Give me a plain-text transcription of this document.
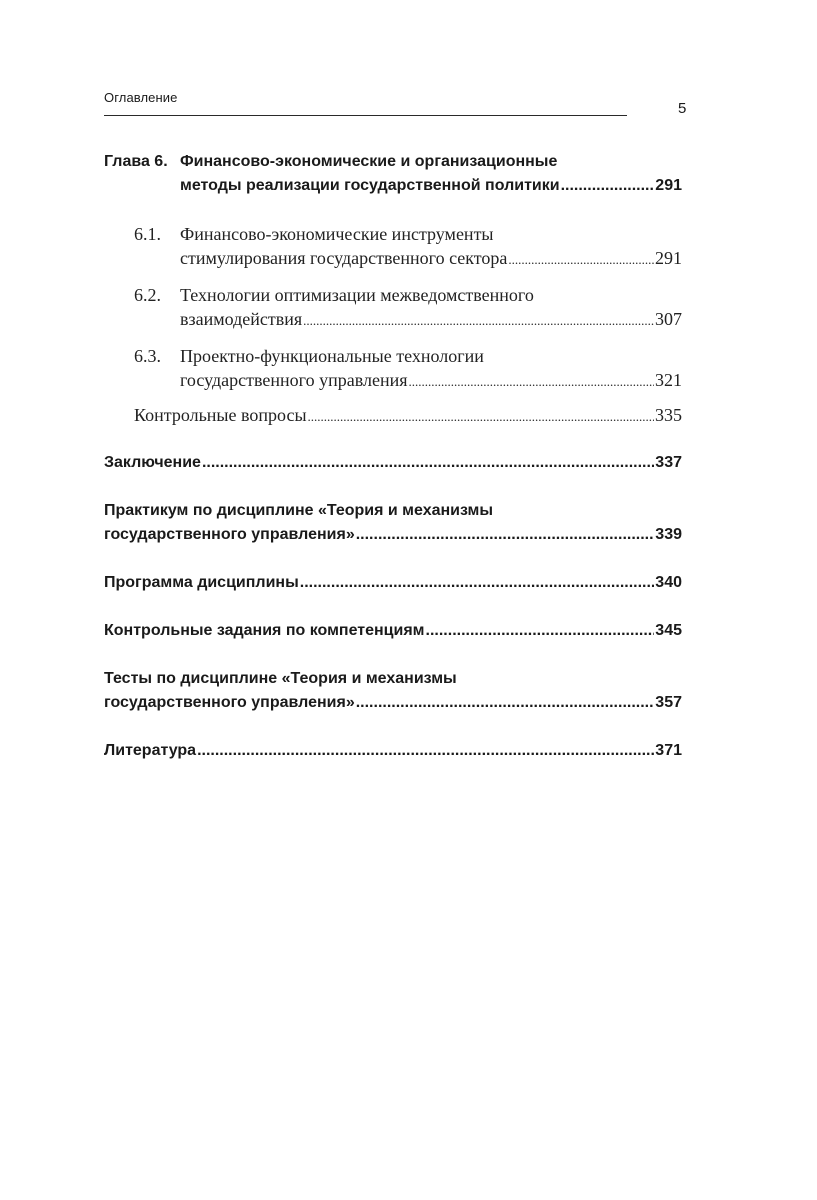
Оглавление
5
Глава 6. Финансово-экономические и организационные
методы реализации государственной политики .....	291
6.1.	Финансово-экономические инструменты
стимулирования государственного сектора .....	291
6.2.	Технологии оптимизации межведомственного
взаимодействия .....	307
6.3.	Проектно-функциональные технологии
государственного управления .....	321
Контрольные вопросы .....	335
Заключение .....	337
Практикум по дисциплине «Теория и механизмы
государственного управления» .....	339
Программа дисциплины .....	340
Контрольные задания по компетенциям .....	345
Тесты по дисциплине «Теория и механизмы
государственного управления» .....	357
Литература .....	371
